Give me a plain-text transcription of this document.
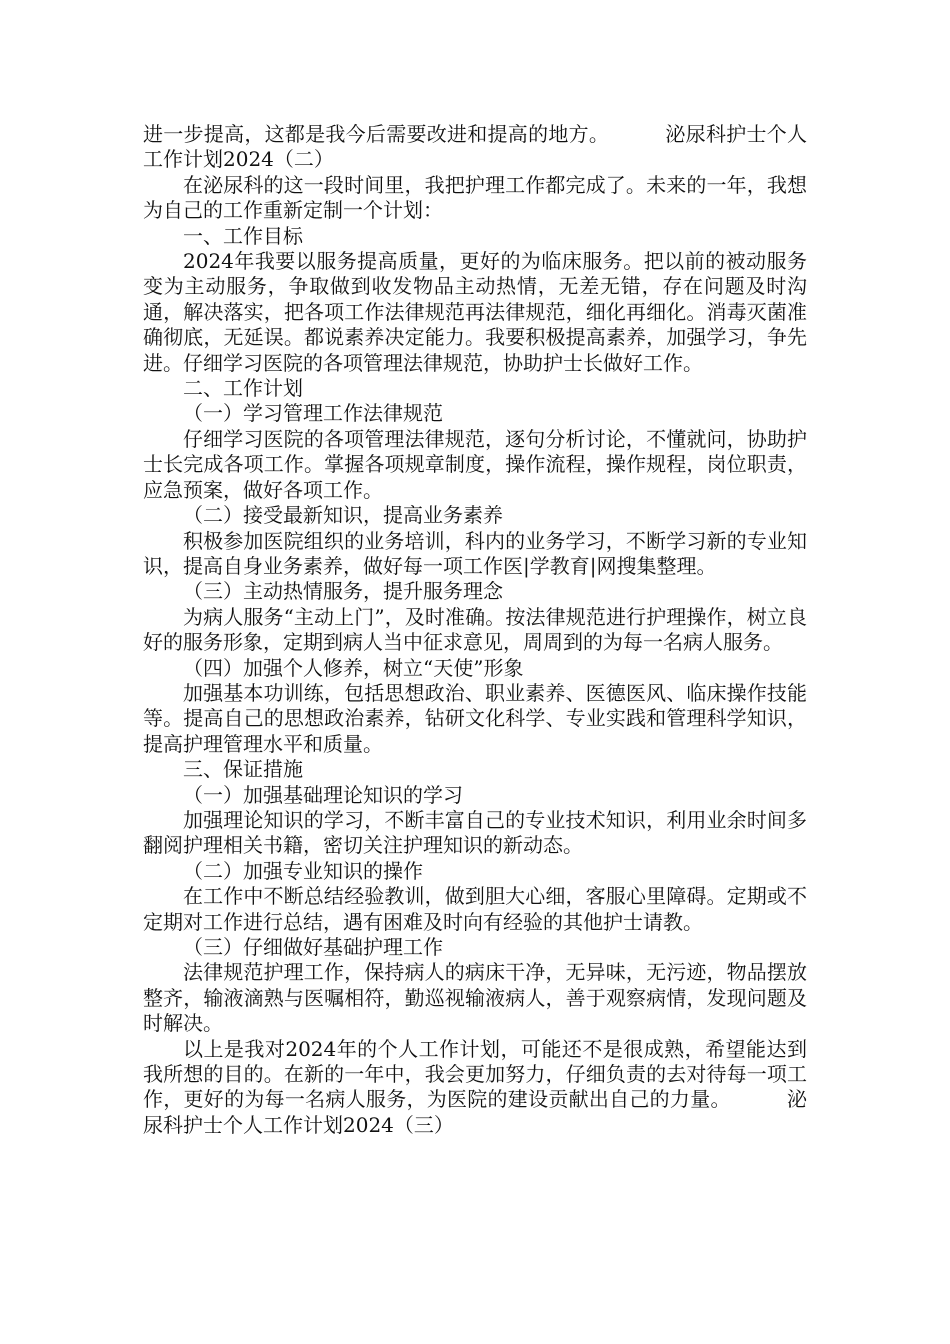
进一步提高，这都是我今后需要改进和提高的地方。	泌尿科护士个人工作计划2024（二）

在泌尿科的这一段时间里，我把护理工作都完成了。未来的一年，我想为自己的工作重新定制一个计划：

一、工作目标

2024年我要以服务提高质量，更好的为临床服务。把以前的被动服务变为主动服务，争取做到收发物品主动热情，无差无错，存在问题及时沟通，解决落实，把各项工作法律规范再法律规范，细化再细化。消毒灭菌准确彻底，无延误。都说素养决定能力。我要积极提高素养，加强学习，争先进。仔细学习医院的各项管理法律规范，协助护士长做好工作。

二、工作计划

（一）学习管理工作法律规范

仔细学习医院的各项管理法律规范，逐句分析讨论，不懂就问，协助护士长完成各项工作。掌握各项规章制度，操作流程，操作规程，岗位职责，应急预案，做好各项工作。

（二）接受最新知识，提高业务素养

积极参加医院组织的业务培训，科内的业务学习，不断学习新的专业知识，提高自身业务素养，做好每一项工作医|学教育|网搜集整理。

（三）主动热情服务，提升服务理念

为病人服务“主动上门”，及时准确。按法律规范进行护理操作，树立良好的服务形象，定期到病人当中征求意见，周周到的为每一名病人服务。

（四）加强个人修养，树立“天使”形象

加强基本功训练，包括思想政治、职业素养、医德医风、临床操作技能等。提高自己的思想政治素养，钻研文化科学、专业实践和管理科学知识，提高护理管理水平和质量。

三、保证措施

（一）加强基础理论知识的学习

加强理论知识的学习，不断丰富自己的专业技术知识，利用业余时间多翻阅护理相关书籍，密切关注护理知识的新动态。

（二）加强专业知识的操作

在工作中不断总结经验教训，做到胆大心细，客服心里障碍。定期或不定期对工作进行总结，遇有困难及时向有经验的其他护士请教。

（三）仔细做好基础护理工作

法律规范护理工作，保持病人的病床干净，无异味，无污迹，物品摆放整齐，输液滴熟与医嘱相符，勤巡视输液病人，善于观察病情，发现问题及时解决。

以上是我对2024年的个人工作计划，可能还不是很成熟，希望能达到我所想的目的。在新的一年中，我会更加努力，仔细负责的去对待每一项工作，更好的为每一名病人服务，为医院的建设贡献出自己的力量。	泌尿科护士个人工作计划2024（三）
